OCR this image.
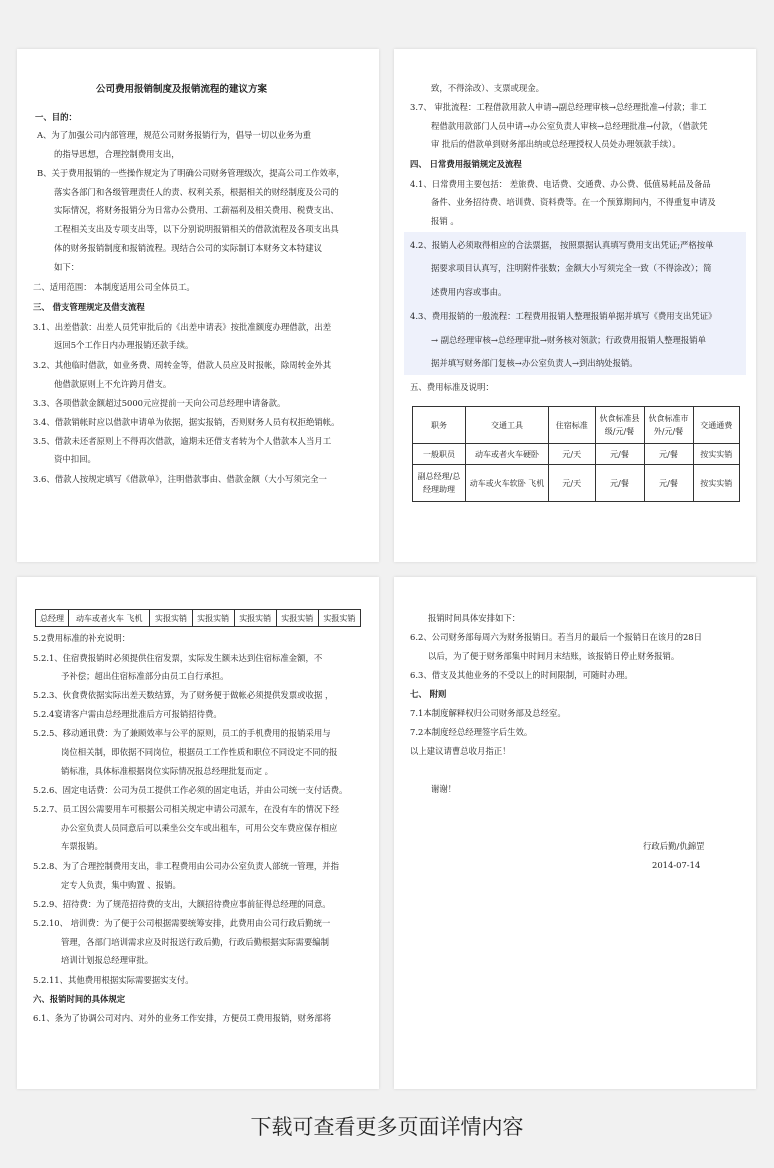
公司费用报销制度及报销流程的建议方案
一、目的：
A、为了加强公司内部管理，规范公司财务报销行为，倡导一切以业务为重
的指导思想，合理控制费用支出，
B、关于费用报销的一些操作规定为了明确公司财务管理级次，提高公司工作效率，
落实各部门和各级管理责任人的责、权利关系，根据相关的财经制度及公司的
实际情况，将财务报销分为日常办公费用、工薪福利及相关费用、税费支出、
工程相关支出及专项支出等，以下分别说明报销相关的借款流程及各项支出具
体的财务报销制度和报销流程。现结合公司的实际制订本财务文本特建议
如下：
二、适用范围： 本制度适用公司全体员工。
三、 借支管理规定及借支流程
3.1、出差借款：出差人员凭审批后的《出差申请表》按批准额度办理借款，出差
返回5个工作日内办理报销还款手续。
3.2、其他临时借款，如业务费、周转金等，借款人员应及时报帐，除周转金外其
他借款原则上不允许跨月借支。
3.3、各项借款金额超过5000元应提前一天向公司总经理申请备款。
3.4、借款销帐时应以借款申请单为依据，据实报销，否则财务人员有权拒绝销帐。
3.5、借款未还者原则上不得再次借款，逾期未还借支者转为个人借款本人当月工
资中扣回。
3.6、借款人按规定填写《借款单》，注明借款事由、借款金额（大小写须完全一
致，不得涂改）、支票或现金。
3.7、 审批流程：工程借款用款人申请→副总经理审核→总经理批准→付款；非工
程借款用款部门人员申请→办公室负责人审核→总经理批准→付款，（借款凭
审 批后的借款单到财务部出纳或总经理授权人员处办理领款手续）。
四、 日常费用报销规定及流程
4.1、日常费用主要包括： 差旅费、电话费、交通费、办公费、低值易耗品及备品
备件、业务招待费、培训费、资料费等。在一个预算期间内，不得重复申请及
报销 。
4.2、报销人必须取得相应的合法票据， 按照票据认真填写费用支出凭证;严格按单
据要求项目认真写，注明附件张数；金额大小写须完全一致（不得涂改）；简
述费用内容或事由。
4.3、费用报销的一般流程：工程费用报销人整理报销单据并填写《费用支出凭证》
→ 副总经理审核→总经理审批→财务核对领款；行政费用报销人整理报销单
据并填写财务部门复核→办公室负责人→到出纳处报销。
五、费用标准及说明：
职务	交通工具	住宿标准	伙食标准县级/元/餐	伙食标准市外/元/餐	交通通费
一般职员	动车或者火车硬卧	元/天	元/餐	元/餐	按实实销
副总经理/总经理助理	动车或火车软卧 飞机	元/天	元/餐	元/餐	按实实销
总经理	动车或者火车 飞机	实报实销	实报实销	实报实销	实报实销	实报实销
5.2费用标准的补充说明：
5.2.1、住宿费报销时必须提供住宿发票，实际发生额未达到住宿标准金额，不
予补偿；超出住宿标准部分由员工自行承担。
5.2.3、伙食费依据实际出差天数结算，为了财务便于做帐必须提供发票或收据 ，
5.2.4宴请客户需由总经理批准后方可报销招待费。
5.2.5、移动通讯费：为了兼顾效率与公平的原则，员工的手机费用的报销采用与
岗位相关制，即依据不同岗位，根据员工工作性质和职位不同设定不同的报
销标准，具体标准根据岗位实际情况报总经理批复而定 。
5.2.6、固定电话费：公司为员工提供工作必须的固定电话，并由公司统一支付话费。
5.2.7、员工因公需要用车可根据公司相关规定申请公司派车，在没有车的情况下经
办公室负责人员同意后可以乘坐公交车或出租车，可用公交车费应保存相应
车票报销。
5.2.8、为了合理控制费用支出，非工程费用由公司办公室负责人部统一管理，并指
定专人负责，集中购置 、报销。
5.2.9、招待费：为了规范招待费的支出，大额招待费应事前征得总经理的同意。
5.2.10、 培训费：为了便于公司根据需要统筹安排，此费用由公司行政后勤统一
管理，各部门培训需求应及时报送行政后勤，行政后勤根据实际需要编制
培训计划报总经理审批。
5.2.11、其他费用根据实际需要据实支付。
六、报销时间的具体规定
6.1、条为了协调公司对内、对外的业务工作安排，方便员工费用报销，财务部将
报销时间具体安排如下：
6.2、公司财务部每周六为财务报销日。若当月的最后一个报销日在该月的28日
以后，为了便于财务部集中时间月末结账，该报销日停止财务报销。
6.3、借支及其他业务的不受以上的时间限制，可随时办理。
七、 附则
7.1本制度解释权归公司财务部及总经室。
7.2本制度经总经理签字后生效。
以上建议请曹总收月指正！
谢谢！
行政后勤/仇錦罡
2014-07-14
下载可查看更多页面详情内容
